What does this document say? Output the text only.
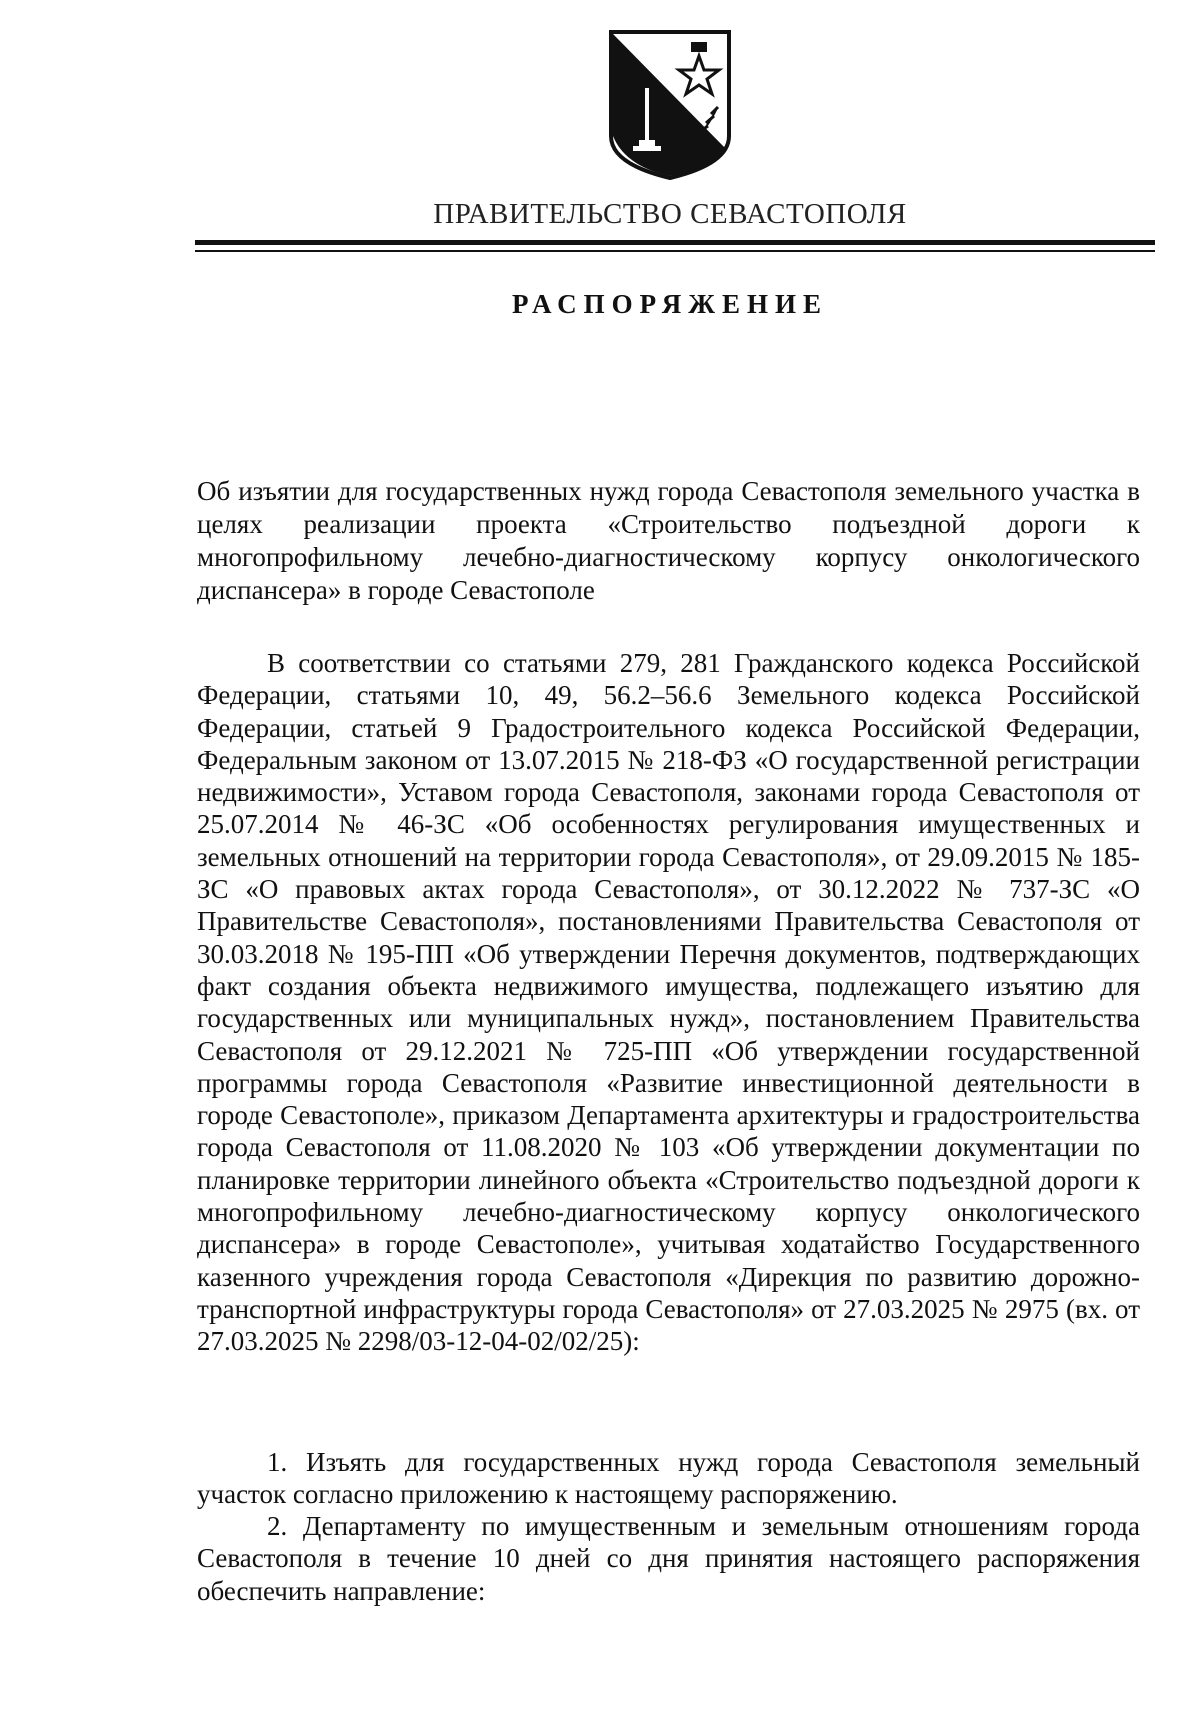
ПРАВИТЕЛЬСТВО СЕВАСТОПОЛЯ
РАСПОРЯЖЕНИЕ

Об изъятии для государственных нужд города Севастополя земельного участка в целях реализации проекта «Строительство подъездной дороги к многопрофильному лечебно-диагностическому корпусу онкологического диспансера» в городе Севастополе

В соответствии со статьями 279, 281 Гражданского кодекса Российской Федерации, статьями 10, 49, 56.2–56.6 Земельного кодекса Российской Федерации, статьей 9 Градостроительного кодекса Российской Федерации, Федеральным законом от 13.07.2015 № 218-ФЗ «О государственной регистрации недвижимости», Уставом города Севастополя, законами города Севастополя от 25.07.2014 № 46-ЗС «Об особенностях регулирования имущественных и земельных отношений на территории города Севастополя», от 29.09.2015 № 185-ЗС «О правовых актах города Севастополя», от 30.12.2022 № 737-ЗС «О Правительстве Севастополя», постановлениями Правительства Севастополя от 30.03.2018 № 195-ПП «Об утверждении Перечня документов, подтверждающих факт создания объекта недвижимого имущества, подлежащего изъятию для государственных или муниципальных нужд», постановлением Правительства Севастополя от 29.12.2021 № 725-ПП «Об утверждении государственной программы города Севастополя «Развитие инвестиционной деятельности в городе Севастополе», приказом Департамента архитектуры и градостроительства города Севастополя от 11.08.2020 № 103 «Об утверждении документации по планировке территории линейного объекта «Строительство подъездной дороги к многопрофильному лечебно-диагностическому корпусу онкологического диспансера» в городе Севастополе», учитывая ходатайство Государственного казенного учреждения города Севастополя «Дирекция по развитию дорожно-транспортной инфраструктуры города Севастополя» от 27.03.2025 № 2975 (вх. от 27.03.2025 № 2298/03-12-04-02/02/25):

1. Изъять для государственных нужд города Севастополя земельный участок согласно приложению к настоящему распоряжению.

2. Департаменту по имущественным и земельным отношениям города Севастополя в течение 10 дней со дня принятия настоящего распоряжения обеспечить направление:
